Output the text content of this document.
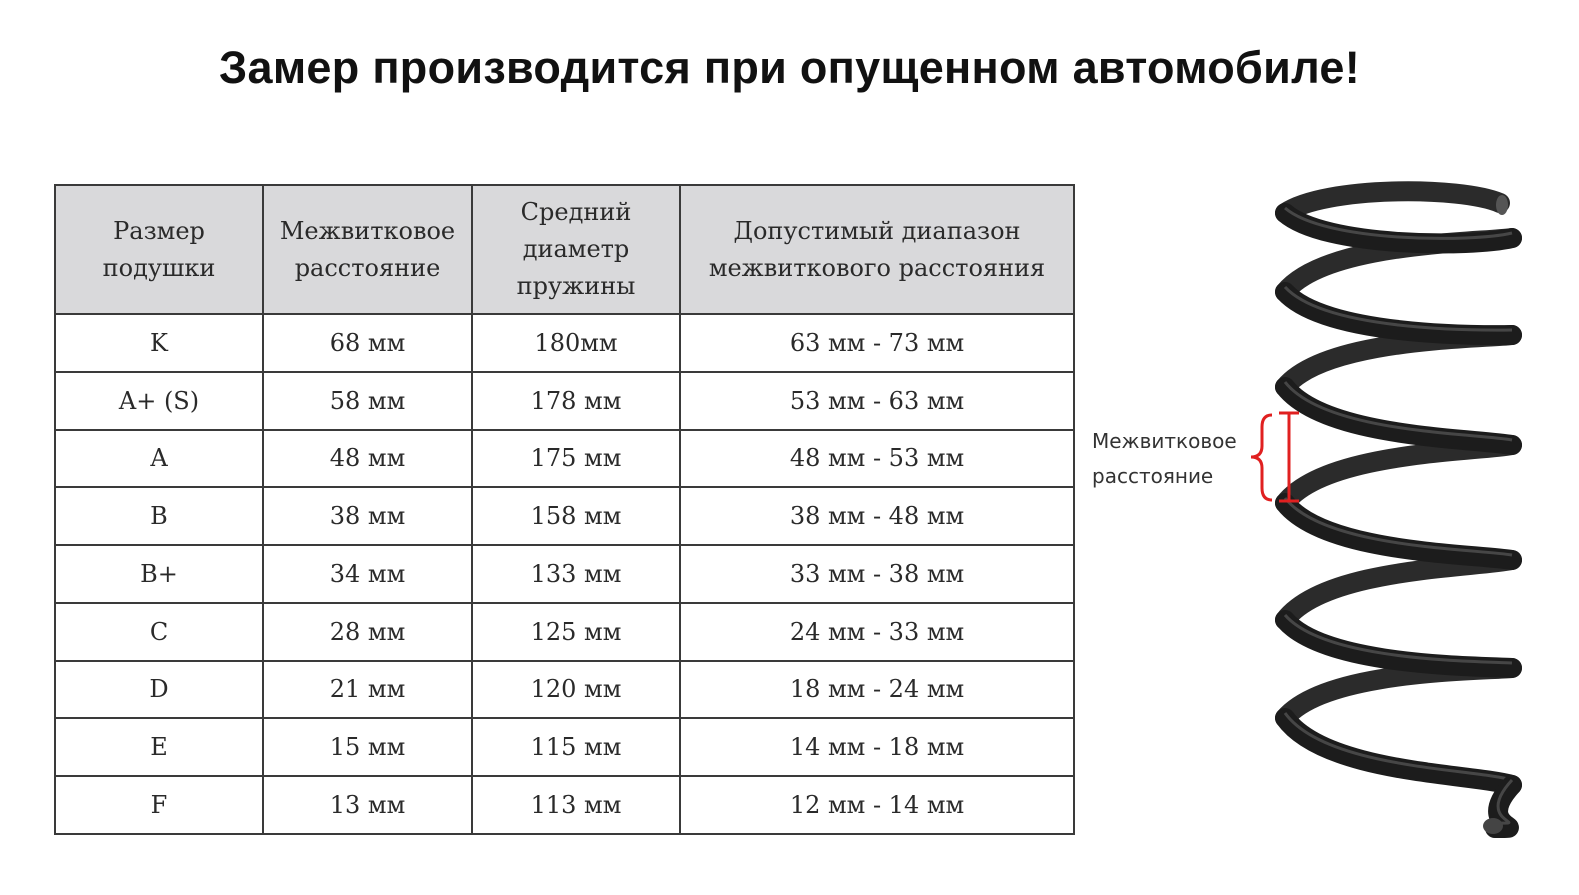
Замер производится при опущенном автомобиле!
Размер подушки	Межвитковое расстояние	Средний диаметр пружины	Допустимый диапазон межвиткового расстояния
K	68 мм	180мм	63 мм - 73 мм
A+ (S)	58 мм	178 мм	53 мм - 63 мм
A	48 мм	175 мм	48 мм - 53 мм
B	38 мм	158 мм	38 мм - 48 мм
B+	34 мм	133 мм	33 мм - 38 мм
C	28 мм	125 мм	24 мм - 33 мм
D	21 мм	120 мм	18 мм - 24 мм
E	15 мм	115 мм	14 мм - 18 мм
F	13 мм	113 мм	12 мм - 14 мм
Межвитковое
расстояние
